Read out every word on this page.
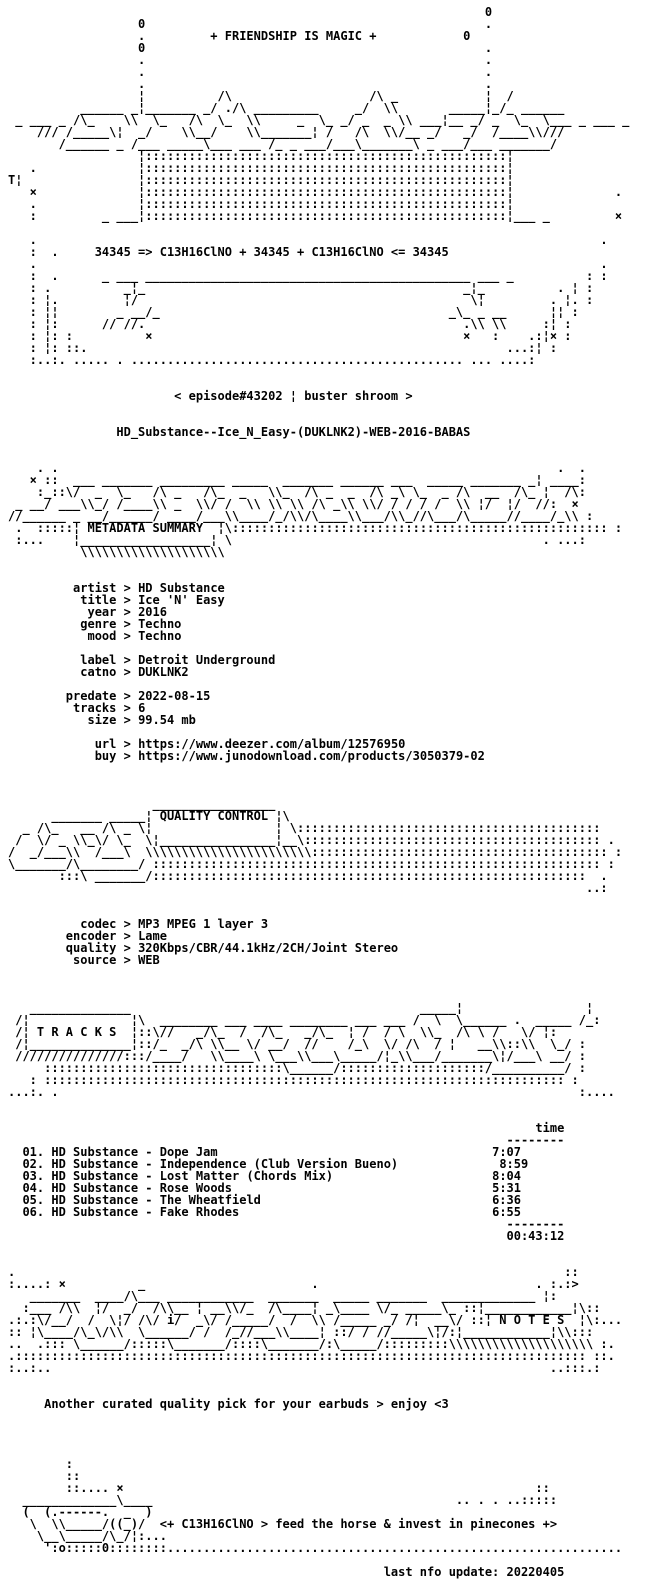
0
0                                               .
.         + FRIENDSHIP IS MAGIC +            0
0                                               .
.                                               .
.                                               .
.                                               .
¦          /\                   /\ _            ¦  /
______ _¦_______ _/ ./\ _________     _/  \\       _____¦_/_ ______
_ ___ _ /\_    \\  \_   /\  \_  \\     _  \_ _/ _  _ \\ ___¦__ _/ _  \_  \___ _ ___ _
/// /_____\¦  _/    \\__/    \\_______¦ /   /\  \\/__ _/   _/  /____\\///
/______ _ /___ _____\___ ___ /_ _ ___/___\_______\ _ ___/___ _______/
¦::::::::::::::::::::::::::::::::::::::::::::::::::¦
.              ¦::::::::::::::::::::::::::::::::::::::::::::::::::¦
T¦                ¦::::::::::::::::::::::::::::::::::::::::::::::::::¦
×              ¦::::::::::::::::::::::::::::::::::::::::::::::::::¦              .
.              ¦::::::::::::::::::::::::::::::::::::::::::::::::::¦
:         _ ___¦::::::::::::::::::::::::::::::::::::::::::::::::::¦___ _         ×
.                                                                              .
:  .     34345 => C13H16ClNO + 34345 + C13H16ClNO <= 34345
.                                                                              .
:  .      _ ___ _____________________________________________ ___ _          : :
: .          _¦_                                            _¦_          . ¦ :
: ¦.         ¦/                                              \¦         . ¦. :
: ¦¦        _ __/_                                        _\_ _ __      ¦¦ :
: ¦:      // //.                                            .\\ \\     :¦ :
: ¦: :          ×                                           ×   :    .:¦× :
: ¦: ::.                                                          ...:¦ :
:..:. ..... . .............................................. ... ....:
< episode#43202 ¦ buster shroom >
HD_Substance--Ice_N_Easy-(DUKLNK2)-WEB-2016-BABAS
. .                                                                     .  .
× ::  ___ _______ _________ _____  _______ ______ ___  _____ _______ _¦ ____:
:_::\/  _  \_   /\ _   /\_  _   \\_  /\ _  _  /\ _\ \_  _ /\  __  /\_ ¦  /\:
_ __/ ___\\_/ /____\\ _  \\/ /  \\ \\ \\ /\ _\\ \\/ / / / /  \\ ¦/  ¦/  //:  ×
//______ _ __/______/ ____/___\\____/_/\\/\____\\___/\\_//\___/\_____//____/_\\ :
.  :::::¦ METADATA SUMMARY  ¦\:::::::::::::::::::::::::::::::::::::::::::::::::::: :
:...    ¦__________________¦ \                                           . ...:
\\\\\\\\\\\\\\\\\\\\
artist > HD Substance
title > Ice 'N' Easy
year > 2016
genre > Techno
mood > Techno
label > Detroit Underground
catno > DUKLNK2
predate > 2022-08-15
tracks > 6
size > 99.54 mb
url > https://www.deezer.com/album/12576950
buy > https://www.junodownload.com/products/3050379-02
_________________
_______ _____¦ QUALITY CONTROL ¦\
_ /\_   __ /\ _ \¦                 ¦ \::::::::::::::::::::::::::::::::::::::::::
/  \/ _ \\_\/ \_  \¦________________¦__\::::::::::::::::::::::::::::::::::::::::: .
/  _/___\\  /___\  \\\\\\\\\\\\\\\\\\\\\\\::::::::::::::::::::::::::::::::::::::::: :
\_______/\________/ :::::::::::::::::::::::::::::::::::::::::::::::::::::::::::::: :
:::\ _______/::::::::::::::::::::::::::::::::::::::::::::::::::::::::::::  .
..:
codec > MP3 MPEG 1 layer 3
encoder > Lame
quality > 320Kbps/CBR/44.1kHz/2CH/Joint Stereo
source > WEB
______________                                        _____¦                 ¦
/¦              ¦\  ________ ___ ____ ________ ___ ___ /  \  \______ .  _____ /_:
/¦ T R A C K S  ¦::\//   _/\_  /  /\_   _/\_  ¦ /  / \  \\_  /\ \ /   \/ ¦:
/¦______________¦::/_  _/\ \\__ \/ __/  //    /_\  \/ /\  / ¦   __\\::\\  \_/ :
///////////////:::/____/   \\____\ \___\\___\_____/¦_\\___/_______\¦/___\ __/ :
:::::::::::::::::::::::::::::::::\______/::::::::::::::::::::/__________/ :
: :::::::::::::::::::::::::::::::::::::::::::::::::::::::::::::::::::::::: :
...:. .                                                                        :....
time
--------
01. HD Substance - Dope Jam	7:07
02. HD Substance - Independence (Club Version Bueno)	8:59
03. HD Substance - Lost Matter (Chords Mix)	8:04
04. HD Substance - Rose Woods	5:31
05. HD Substance - The Wheatfield	6:36
06. HD Substance - Fake Rhodes	6:55
--------
00:43:12
.                                                                            ::
:....: ×          _                       .                              . :.:>
_______  ____/\___ ____________  _______  _____ _______  _____________ ¦:
:___ /\\  ¦/  _/  /\\__ ¦ __\\/_  /\____¦ _\____ \/_ _____\_ ::¦____________¦\::
.:.:\/__/  /  \¦/ /\/ i/  _\/ /_____/  /  \\ /_____ _/ /¦  __\/ ::¦ N O T E S  ¦\:...
:: ¦\____/\_\/\\  \______/ /  /_//___\\____¦ ::/ / //_____\¦/:¦____________¦\\:::
..  .::: \______/:::::\_______/::::\_______/:\_____/:::::::::\\\\\\\\\\\\\\\\\\\\ :.
.::::::::::::::::::::::::::::::::::::::::::::::::::::::::::::::::::::::::::::::: ::.
:..:..                                                                     ..:::.:
Another curated quality pick for your earbuds > enjoy <3
:
::
::.... ×                                                         ::
_____________\____                                          .. . . ..:::::
(  (.------.  _  )
\  \\_____/((_)/  <+ C13H16ClNO > feed the horse & invest in pinecones +>
\__\_____/\_/¦:...
':o:::::0::::::::...............................................................
last nfo update: 20220405
